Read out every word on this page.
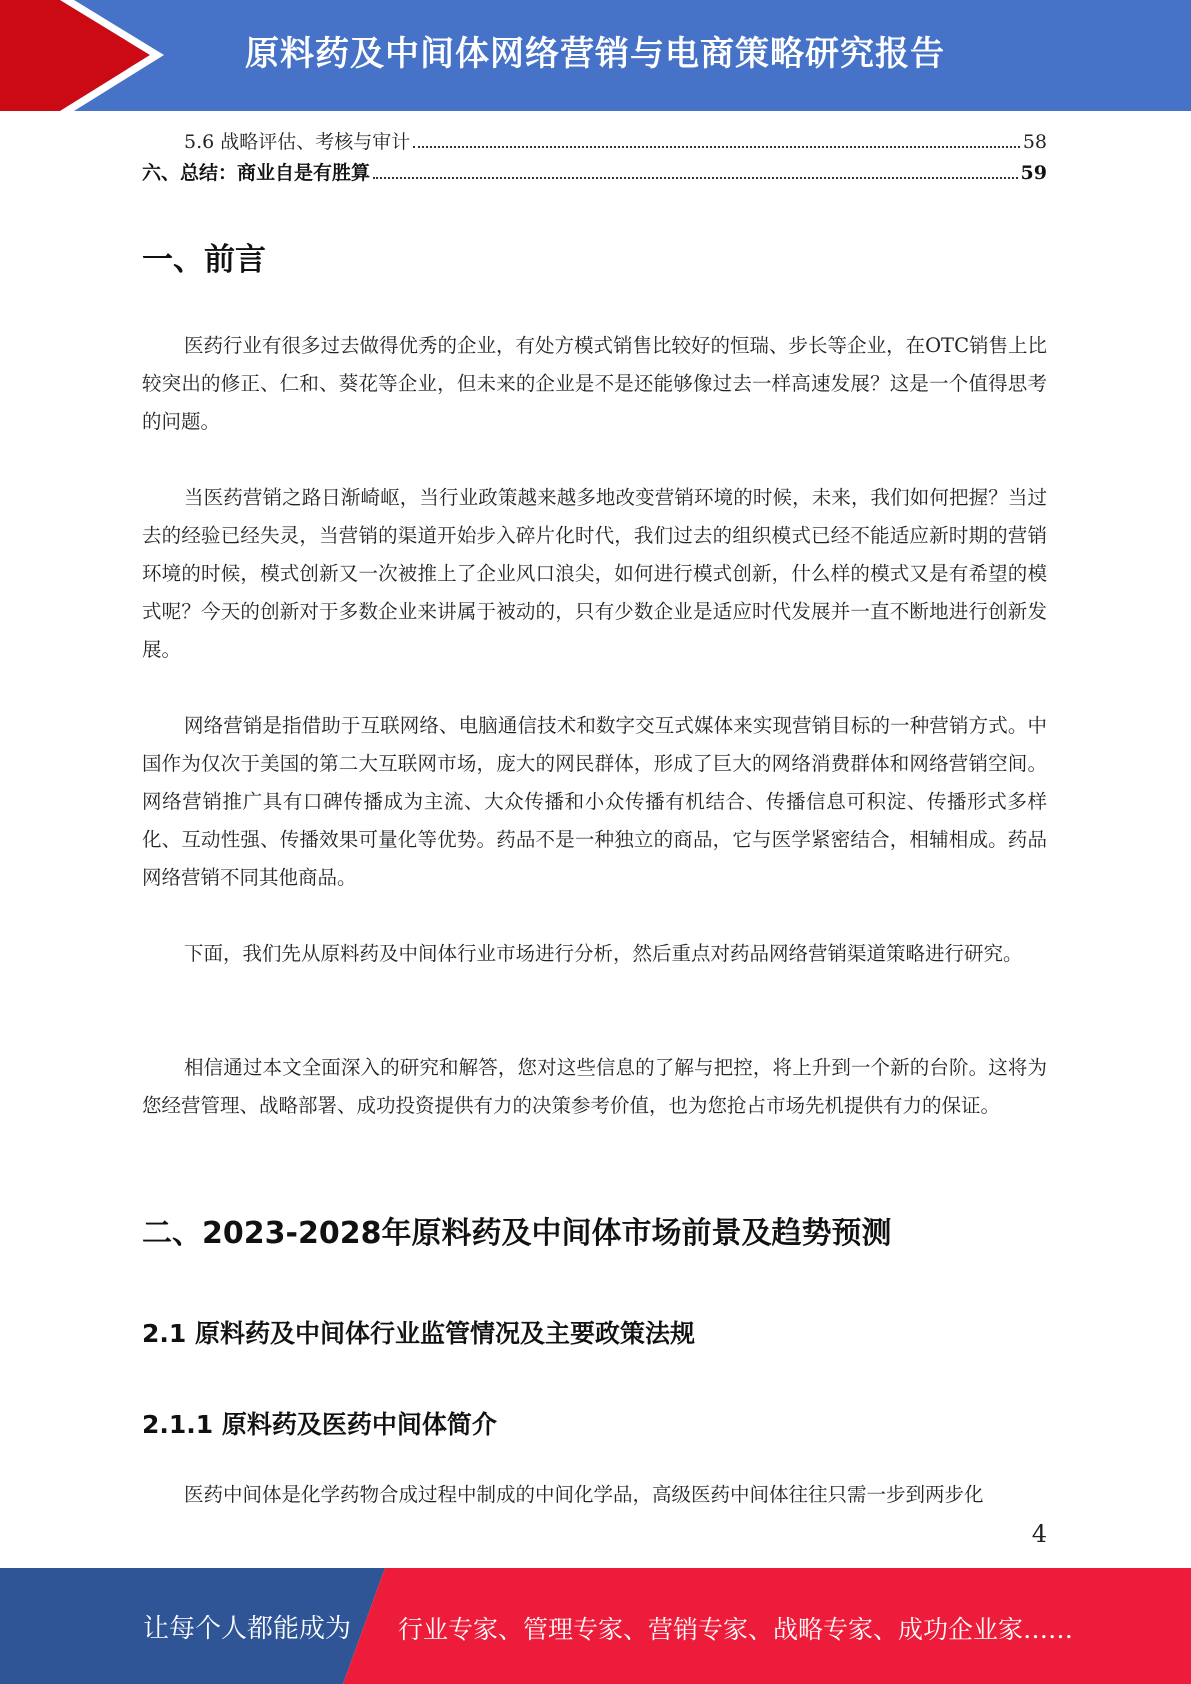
原料药及中间体网络营销与电商策略研究报告
5.6 战略评估、考核与审计	58
六、总结：商业自是有胜算	59
一、前言
医药行业有很多过去做得优秀的企业，有处方模式销售比较好的恒瑞、步长等企业，在OTC销售上比较突出的修正、仁和、葵花等企业，但未来的企业是不是还能够像过去一样高速发展？这是一个值得思考的问题。
当医药营销之路日渐崎岖，当行业政策越来越多地改变营销环境的时候，未来，我们如何把握？当过去的经验已经失灵，当营销的渠道开始步入碎片化时代，我们过去的组织模式已经不能适应新时期的营销环境的时候，模式创新又一次被推上了企业风口浪尖，如何进行模式创新，什么样的模式又是有希望的模式呢？今天的创新对于多数企业来讲属于被动的，只有少数企业是适应时代发展并一直不断地进行创新发展。
网络营销是指借助于互联网络、电脑通信技术和数字交互式媒体来实现营销目标的一种营销方式。中国作为仅次于美国的第二大互联网市场，庞大的网民群体，形成了巨大的网络消费群体和网络营销空间。网络营销推广具有口碑传播成为主流、大众传播和小众传播有机结合、传播信息可积淀、传播形式多样化、互动性强、传播效果可量化等优势。药品不是一种独立的商品，它与医学紧密结合，相辅相成。药品网络营销不同其他商品。
下面，我们先从原料药及中间体行业市场进行分析，然后重点对药品网络营销渠道策略进行研究。
相信通过本文全面深入的研究和解答，您对这些信息的了解与把控，将上升到一个新的台阶。这将为您经营管理、战略部署、成功投资提供有力的决策参考价值，也为您抢占市场先机提供有力的保证。
二、2023-2028年原料药及中间体市场前景及趋势预测
2.1 原料药及中间体行业监管情况及主要政策法规
2.1.1 原料药及医药中间体简介
医药中间体是化学药物合成过程中制成的中间化学品，高级医药中间体往往只需一步到两步化
4
让每个人都能成为 行业专家、管理专家、营销专家、战略专家、成功企业家……
